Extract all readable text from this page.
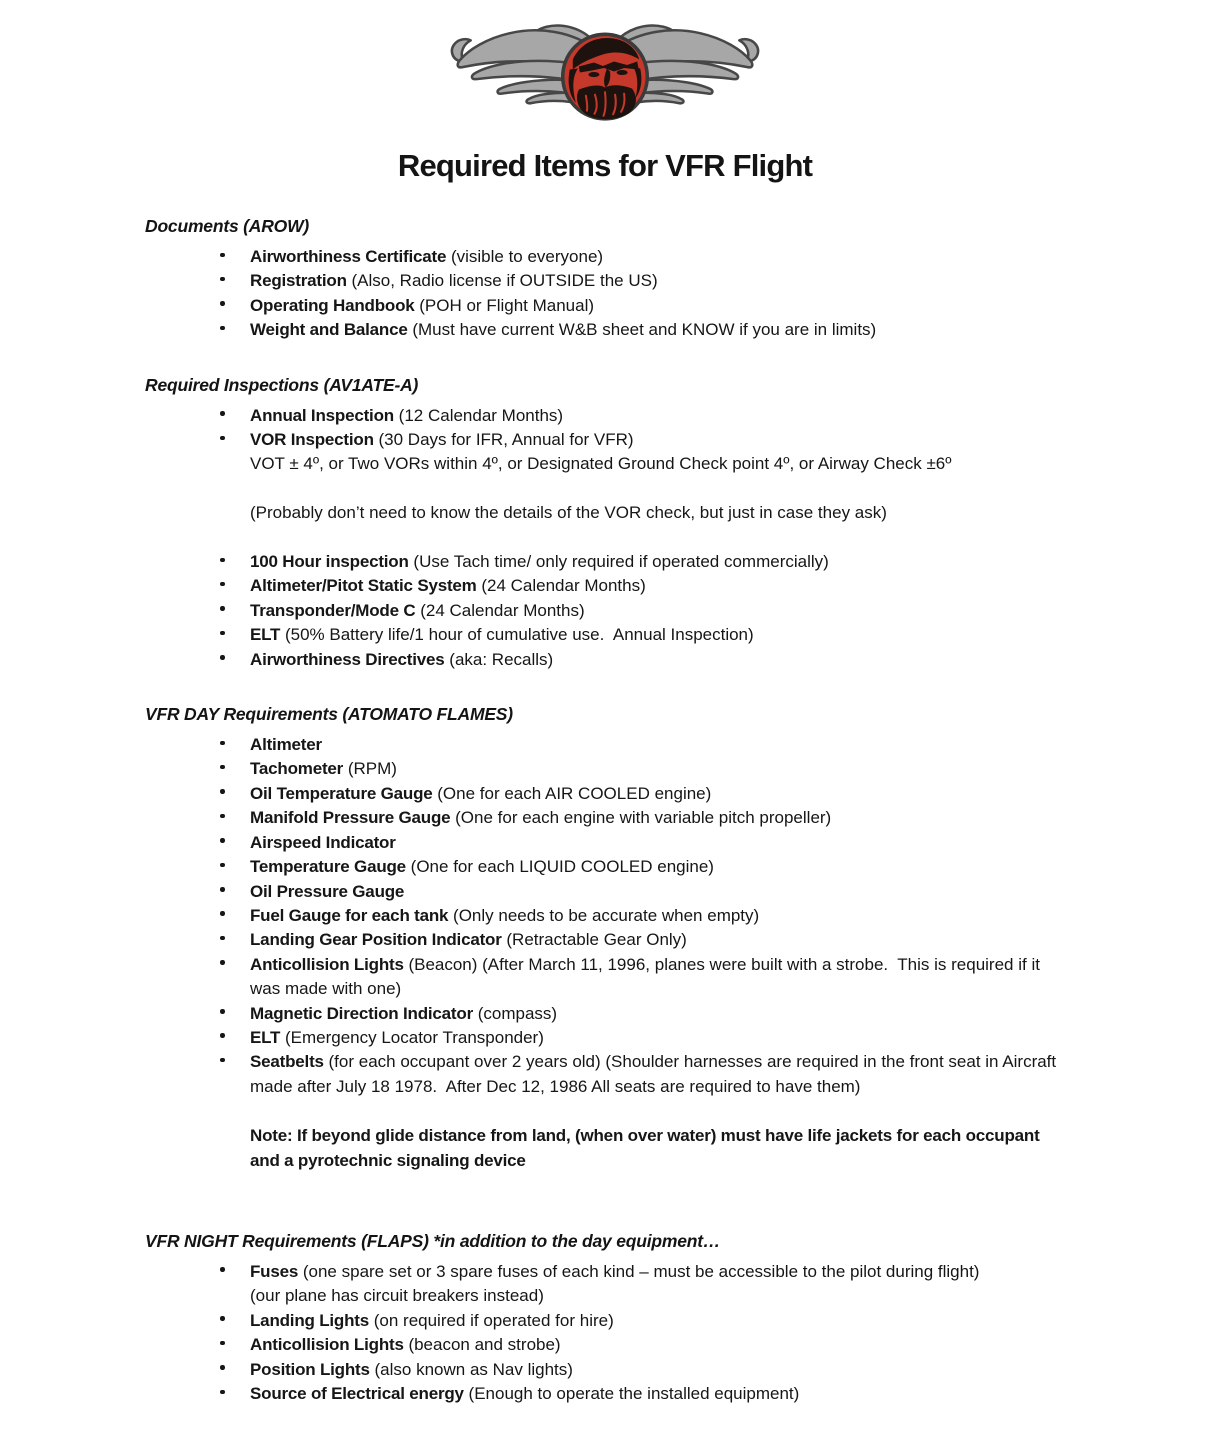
Required Items for VFR Flight
Documents (AROW)
Airworthiness Certificate (visible to everyone)
Registration (Also, Radio license if OUTSIDE the US)
Operating Handbook (POH or Flight Manual)
Weight and Balance (Must have current W&B sheet and KNOW if you are in limits)
Required Inspections (AV1ATE-A)
Annual Inspection (12 Calendar Months)
VOR Inspection (30 Days for IFR, Annual for VFR)
VOT ± 4º, or Two VORs within 4º, or Designated Ground Check point 4º, or Airway Check ±6º
(Probably don’t need to know the details of the VOR check, but just in case they ask)
100 Hour inspection (Use Tach time/ only required if operated commercially)
Altimeter/Pitot Static System (24 Calendar Months)
Transponder/Mode C (24 Calendar Months)
ELT (50% Battery life/1 hour of cumulative use.  Annual Inspection)
Airworthiness Directives (aka: Recalls)
VFR DAY Requirements (ATOMATO FLAMES)
Altimeter
Tachometer (RPM)
Oil Temperature Gauge (One for each AIR COOLED engine)
Manifold Pressure Gauge (One for each engine with variable pitch propeller)
Airspeed Indicator
Temperature Gauge (One for each LIQUID COOLED engine)
Oil Pressure Gauge
Fuel Gauge for each tank (Only needs to be accurate when empty)
Landing Gear Position Indicator (Retractable Gear Only)
Anticollision Lights (Beacon) (After March 11, 1996, planes were built with a strobe.  This is required if it was made with one)
Magnetic Direction Indicator (compass)
ELT (Emergency Locator Transponder)
Seatbelts (for each occupant over 2 years old) (Shoulder harnesses are required in the front seat in Aircraft made after July 18 1978.  After Dec 12, 1986 All seats are required to have them)
Note: If beyond glide distance from land, (when over water) must have life jackets for each occupant and a pyrotechnic signaling device
VFR NIGHT Requirements (FLAPS) *in addition to the day equipment…
Fuses (one spare set or 3 spare fuses of each kind – must be accessible to the pilot during flight)
(our plane has circuit breakers instead)
Landing Lights (on required if operated for hire)
Anticollision Lights (beacon and strobe)
Position Lights (also known as Nav lights)
Source of Electrical energy (Enough to operate the installed equipment)
